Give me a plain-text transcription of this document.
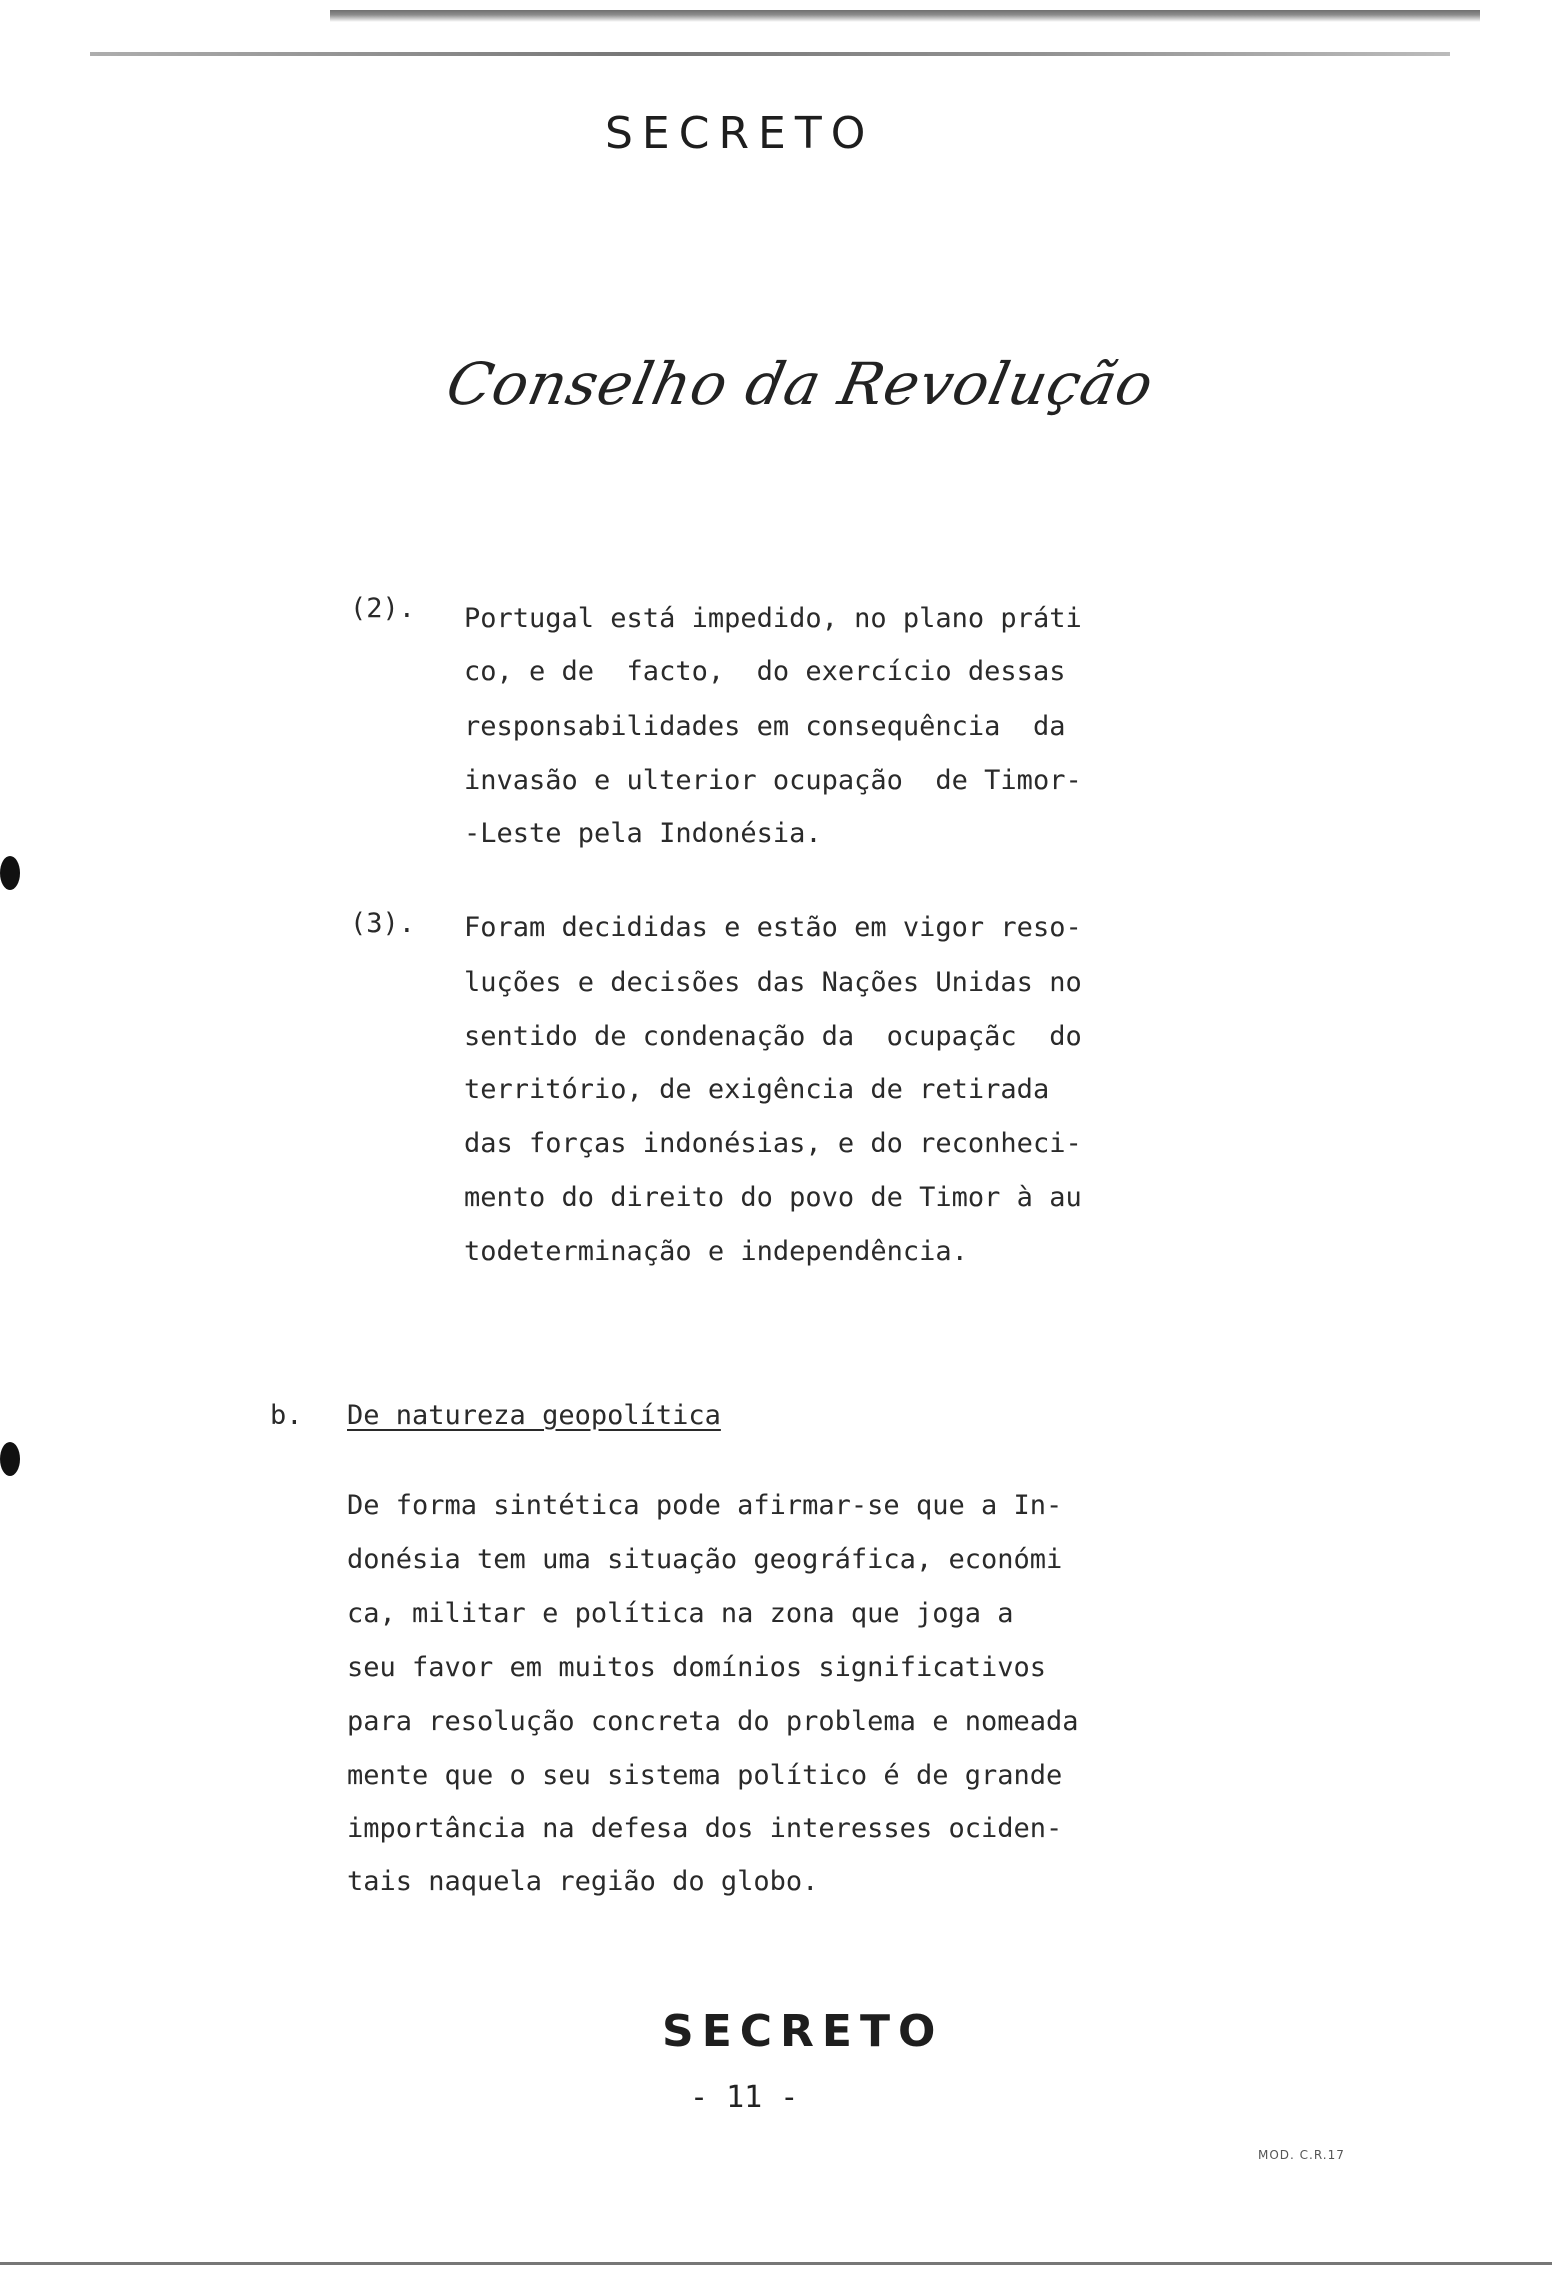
SECRETO
Conselho da Revolução
(2). Portugal está impedido, no plano práti
co, e de  facto,  do exercício dessas
responsabilidades em consequência  da
invasão e ulterior ocupação  de Timor-
-Leste pela Indonésia.
(3). Foram decididas e estão em vigor reso-
luções e decisões das Nações Unidas no
sentido de condenação da  ocupaçãc  do
território, de exigência de retirada
das forças indonésias, e do reconheci-
mento do direito do povo de Timor à au
todeterminação e independência.
b. De natureza geopolítica
De forma sintética pode afirmar-se que a In-
donésia tem uma situação geográfica, económi
ca, militar e política na zona que joga a
seu favor em muitos domínios significativos
para resolução concreta do problema e nomeada
mente que o seu sistema político é de grande
importância na defesa dos interesses ociden-
tais naquela região do globo.
SECRETO
- 11 -
MOD. C.R.17
